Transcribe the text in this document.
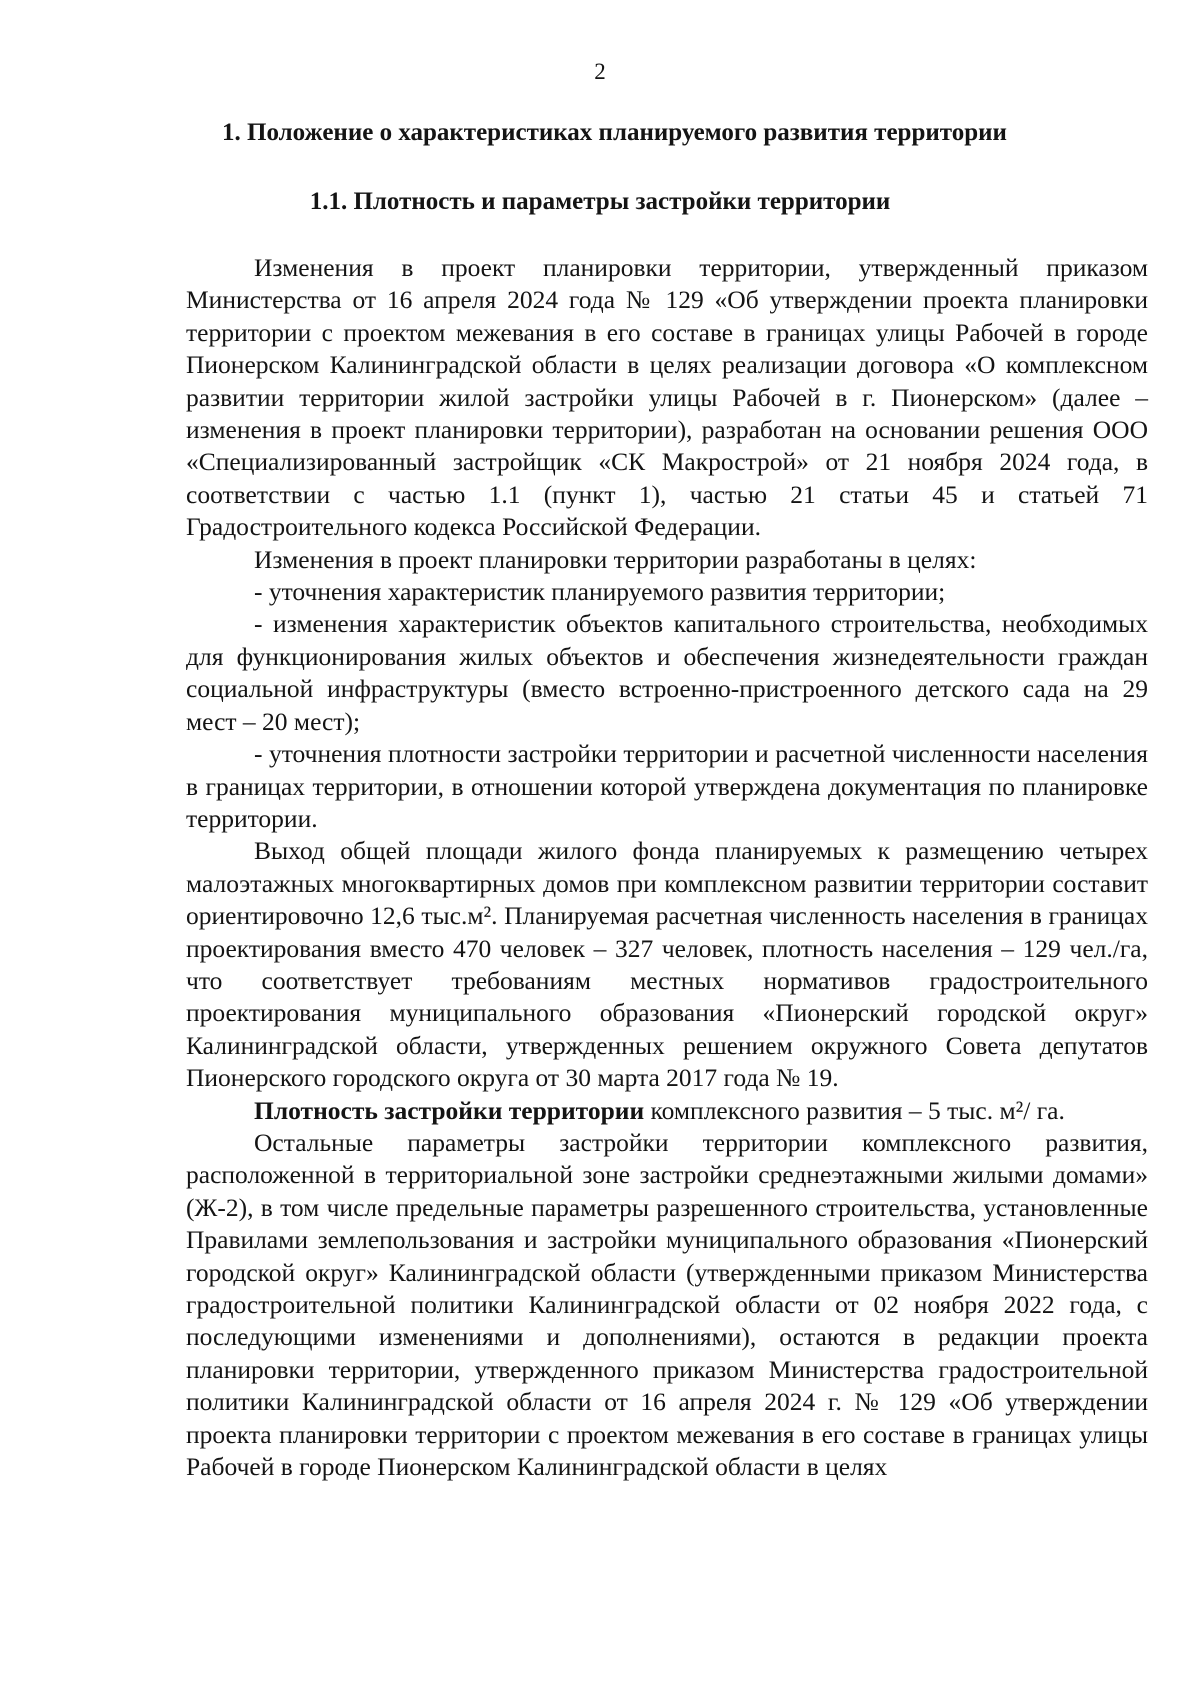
2
1. Положение о характеристиках планируемого развития территории
1.1. Плотность и параметры застройки территории

Изменения в проект планировки территории, утвержденный приказом Министерства от 16 апреля 2024 года № 129 «Об утверждении проекта планировки территории с проектом межевания в его составе в границах улицы Рабочей в городе Пионерском Калининградской области в целях реализации договора «О комплексном развитии территории жилой застройки улицы Рабочей в г. Пионерском» (далее – изменения в проект планировки территории), разработан на основании решения ООО «Специализированный застройщик «СК Макрострой» от 21 ноября 2024 года, в соответствии с частью 1.1 (пункт 1), частью 21 статьи 45 и статьей 71 Градостроительного кодекса Российской Федерации.

Изменения в проект планировки территории разработаны в целях:

- уточнения характеристик планируемого развития территории;

- изменения характеристик объектов капитального строительства, необходимых для функционирования жилых объектов и обеспечения жизнедеятельности граждан социальной инфраструктуры (вместо встроенно-пристроенного детского сада на 29 мест – 20 мест);

- уточнения плотности застройки территории и расчетной численности населения в границах территории, в отношении которой утверждена документация по планировке территории.

Выход общей площади жилого фонда планируемых к размещению четырех малоэтажных многоквартирных домов при комплексном развитии территории составит ориентировочно 12,6 тыс.м². Планируемая расчетная численность населения в границах проектирования вместо 470 человек – 327 человек, плотность населения – 129 чел./га, что соответствует требованиям местных нормативов градостроительного проектирования муниципального образования «Пионерский городской округ» Калининградской области, утвержденных решением окружного Совета депутатов Пионерского городского округа от 30 марта 2017 года № 19.

Плотность застройки территории комплексного развития – 5 тыс. м²/ га.

Остальные параметры застройки территории комплексного развития, расположенной в территориальной зоне застройки среднеэтажными жилыми домами» (Ж-2), в том числе предельные параметры разрешенного строительства, установленные Правилами землепользования и застройки муниципального образования «Пионерский городской округ» Калининградской области (утвержденными приказом Министерства градостроительной политики Калининградской области от 02 ноября 2022 года, с последующими изменениями и дополнениями), остаются в редакции проекта планировки территории, утвержденного приказом Министерства градостроительной политики Калининградской области от 16 апреля 2024 г. № 129 «Об утверждении проекта планировки территории с проектом межевания в его составе в границах улицы Рабочей в городе Пионерском Калининградской области в целях
